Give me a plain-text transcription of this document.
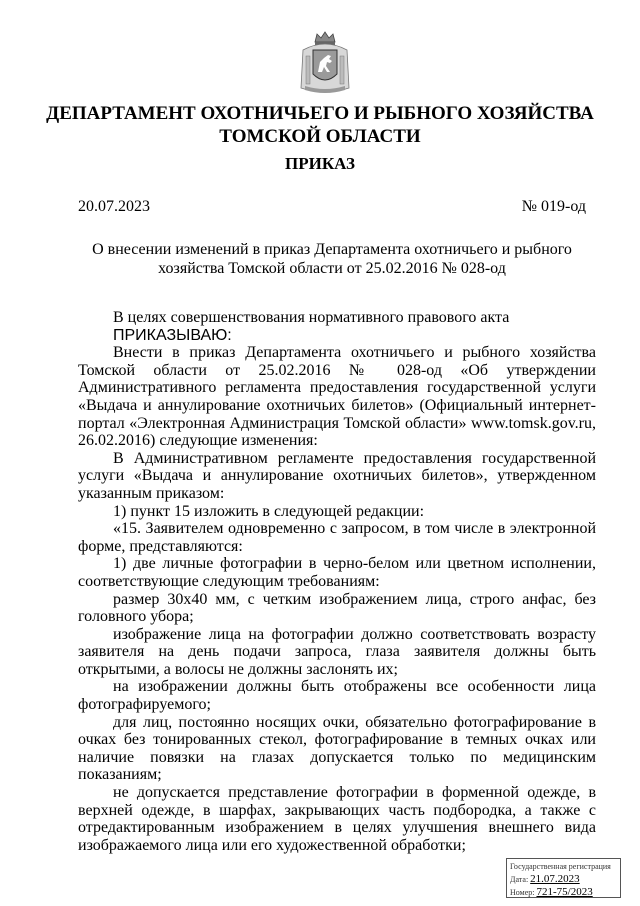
ДЕПАРТАМЕНТ ОХОТНИЧЬЕГО И РЫБНОГО ХОЗЯЙСТВА
ТОМСКОЙ ОБЛАСТИ
ПРИКАЗ
20.07.2023	№ 019-од
О внесении изменений в приказ Департамента охотничьего и рыбного хозяйства Томской области от 25.02.2016 № 028-од

В целях совершенствования нормативного правового акта

ПРИКАЗЫВАЮ:

Внести в приказ Департамента охотничьего и рыбного хозяйства Томской области от 25.02.2016 № 028-од «Об утверждении Административного регламента предоставления государственной услуги «Выдача и аннулирование охотничьих билетов» (Официальный интернет-портал «Электронная Администрация Томской области» www.tomsk.gov.ru, 26.02.2016) следующие изменения:

В Административном регламенте предоставления государственной услуги «Выдача и аннулирование охотничьих билетов», утвержденном указанным приказом:

1) пункт 15 изложить в следующей редакции:

«15. Заявителем одновременно с запросом, в том числе в электронной форме, представляются:

1) две личные фотографии в черно-белом или цветном исполнении, соответствующие следующим требованиям:

размер 30х40 мм, с четким изображением лица, строго анфас, без головного убора;

изображение лица на фотографии должно соответствовать возрасту заявителя на день подачи запроса, глаза заявителя должны быть открытыми, а волосы не должны заслонять их;

на изображении должны быть отображены все особенности лица фотографируемого;

для лиц, постоянно носящих очки, обязательно фотографирование в очках без тонированных стекол, фотографирование в темных очках или наличие повязки на глазах допускается только по медицинским показаниям;

не допускается представление фотографии в форменной одежде, в верхней одежде, в шарфах, закрывающих часть подбородка, а также с отредактированным изображением в целях улучшения внешнего вида изображаемого лица или его художественной обработки;

Государственная регистрация
Дата: 21.07.2023
Номер: 721-75/2023
